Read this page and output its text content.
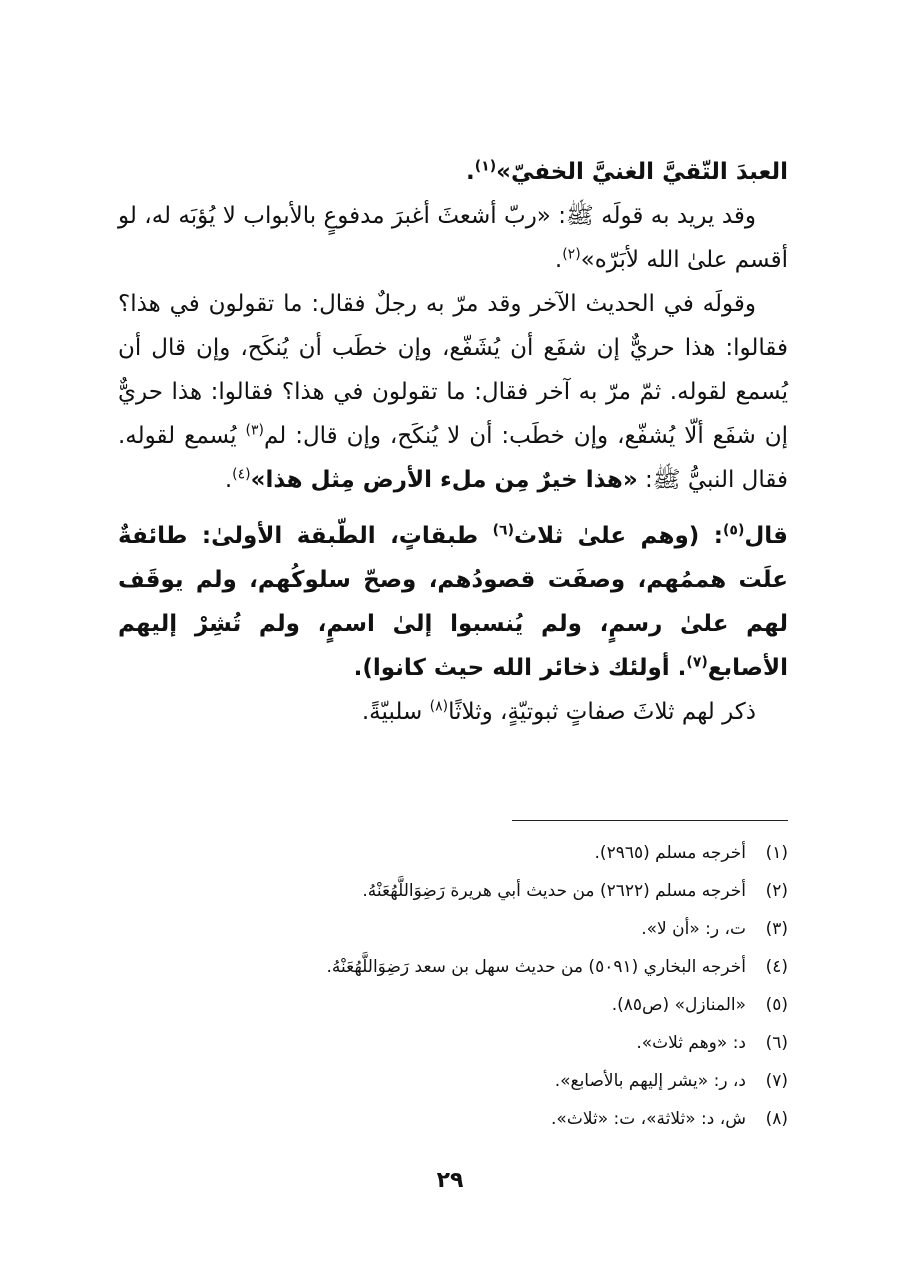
العبدَ التّقيَّ الغنيَّ الخفيّ»$^{(١)}$.

وقد يريد به قولَه ﷺ: «ربّ أشعثَ أغبرَ مدفوعٍ بالأبواب لا يُؤبَه له، لو أقسم علىٰ الله لأبَرّه»$^{(٢)}$.

وقولَه في الحديث الآخر وقد مرّ به رجلٌ فقال: ما تقولون في هذا؟ فقالوا: هذا حريٌّ إن شفَع أن يُشَفّع، وإن خطَب أن يُنكَح، وإن قال أن يُسمع لقوله. ثمّ مرّ به آخر فقال: ما تقولون في هذا؟ فقالوا: هذا حريٌّ إن شفَع ألّا يُشفّع، وإن خطَب: أن لا يُنكَح، وإن قال: لم$^{(٣)}$ يُسمع لقوله. فقال النبيُّ ﷺ: «هذا خيرٌ مِن ملء الأرض مِثل هذا»$^{(٤)}$.

قال$^{(٥)}$: (وهم علىٰ ثلاث$^{(٦)}$ طبقاتٍ، الطّبقة الأولىٰ: طائفةٌ علَت هممُهم، وصفَت قصودُهم، وصحّ سلوكُهم، ولم يوقَف لهم علىٰ رسمٍ، ولم يُنسبوا إلىٰ اسمٍ، ولم تُشِرْ إليهم الأصابع$^{(٧)}$. أولئك ذخائر الله حيث كانوا).

ذكر لهم ثلاثَ صفاتٍ ثبوتيّةٍ، وثلاثًا$^{(٨)}$ سلبيّةً.

(١)
أخرجه مسلم (٢٩٦٥).
(٢)
أخرجه مسلم (٢٦٢٢) من حديث أبي هريرة رَضِوَاللَّهُعَنْهُ.
(٣)
ت، ر: «أن لا».
(٤)
أخرجه البخاري (٥٠٩١) من حديث سهل بن سعد رَضِوَاللَّهُعَنْهُ.
(٥)
«المنازل» (ص٨٥).
(٦)
د: «وهم ثلاث».
(٧)
د، ر: «يشر إليهم بالأصابع».
(٨)
ش، د: «ثلاثة»، ت: «ثلاث».
٢٩
